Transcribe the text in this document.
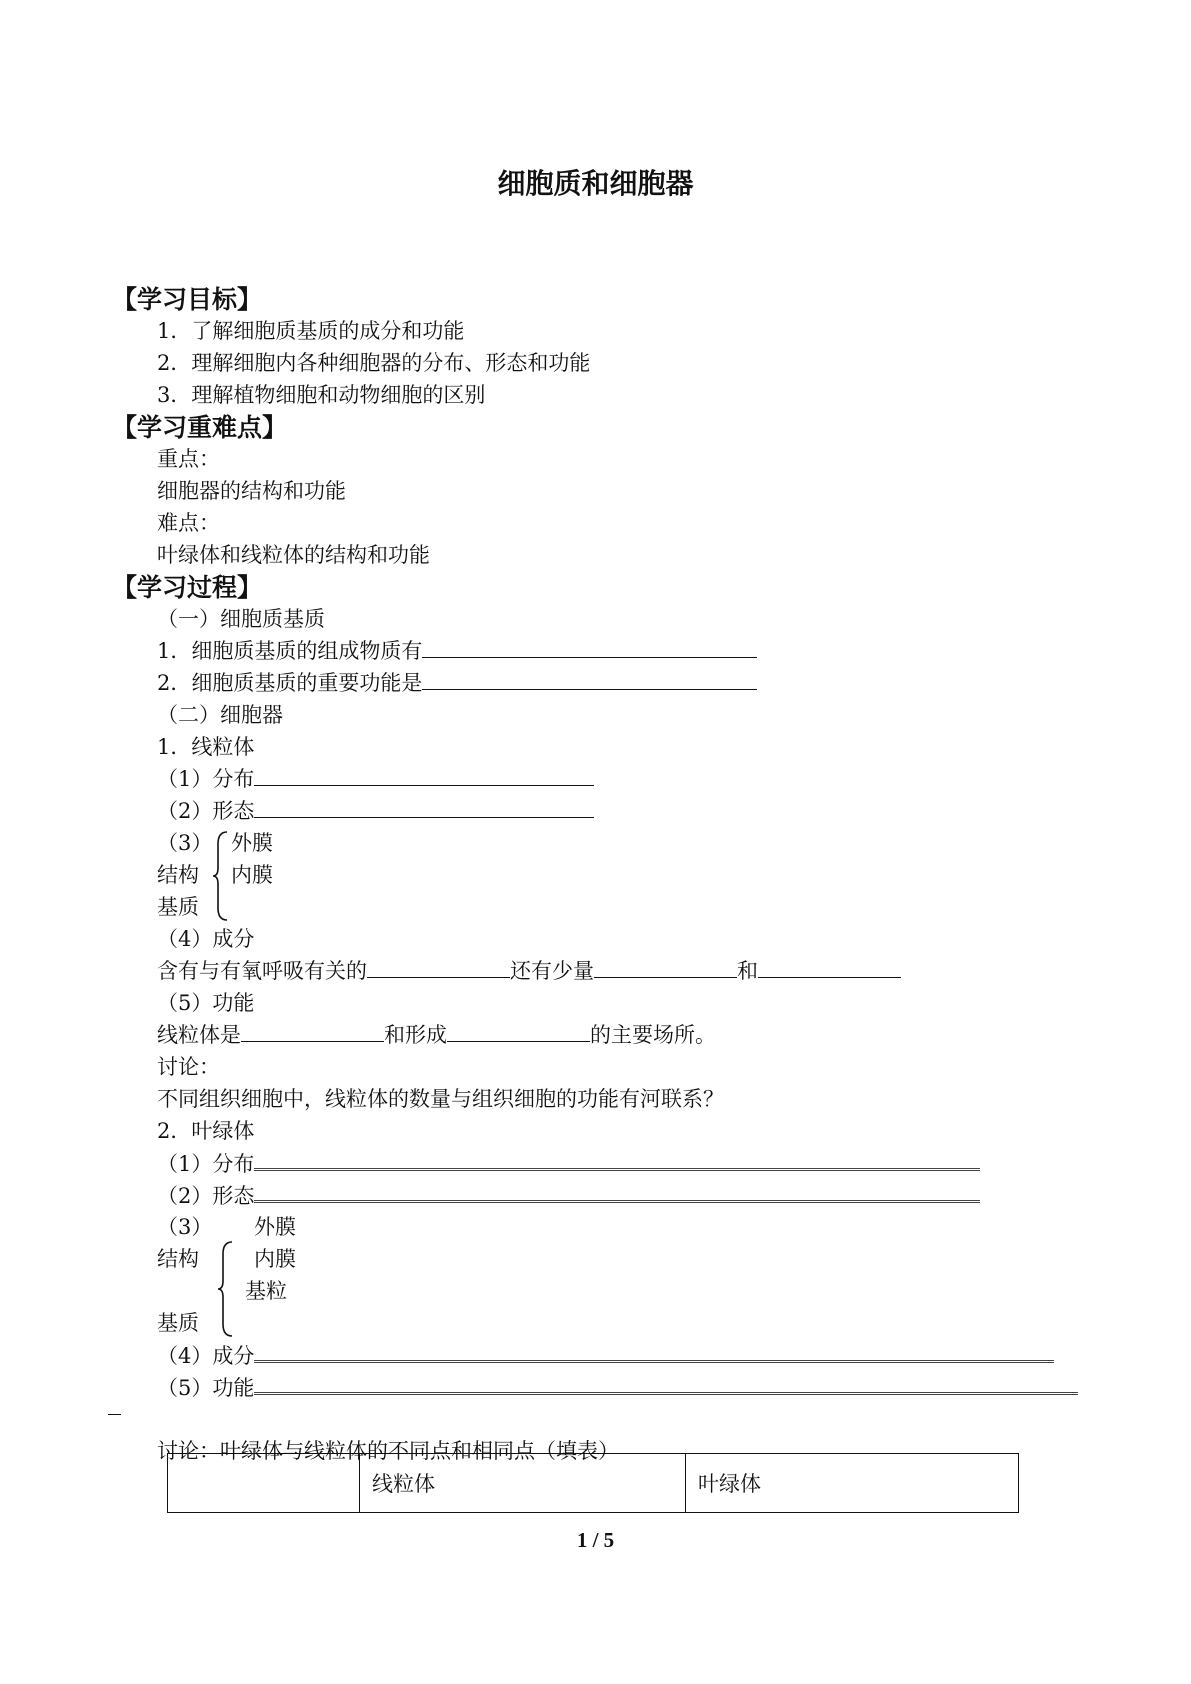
细胞质和细胞器
【学习目标】
1．了解细胞质基质的成分和功能
2．理解细胞内各种细胞器的分布、形态和功能
3．理解植物细胞和动物细胞的区别
【学习重难点】
重点：
细胞器的结构和功能
难点：
叶绿体和线粒体的结构和功能
【学习过程】
（一）细胞质基质
1．细胞质基质的组成物质有
2．细胞质基质的重要功能是
（二）细胞器
1．线粒体
（1）分布
（2）形态
（3）
结构
基质
外膜
内膜
（4）成分
含有与有氧呼吸有关的	还有少量	和
（5）功能
线粒体是	和形成	的主要场所。
讨论：
不同组织细胞中，线粒体的数量与组织细胞的功能有河联系？
2．叶绿体
（1）分布
（2）形态
（3）
结构
基质
外膜
内膜
基粒
（4）成分
（5）功能
讨论：叶绿体与线粒体的不同点和相同点（填表）
	线粒体	叶绿体
1 / 5
